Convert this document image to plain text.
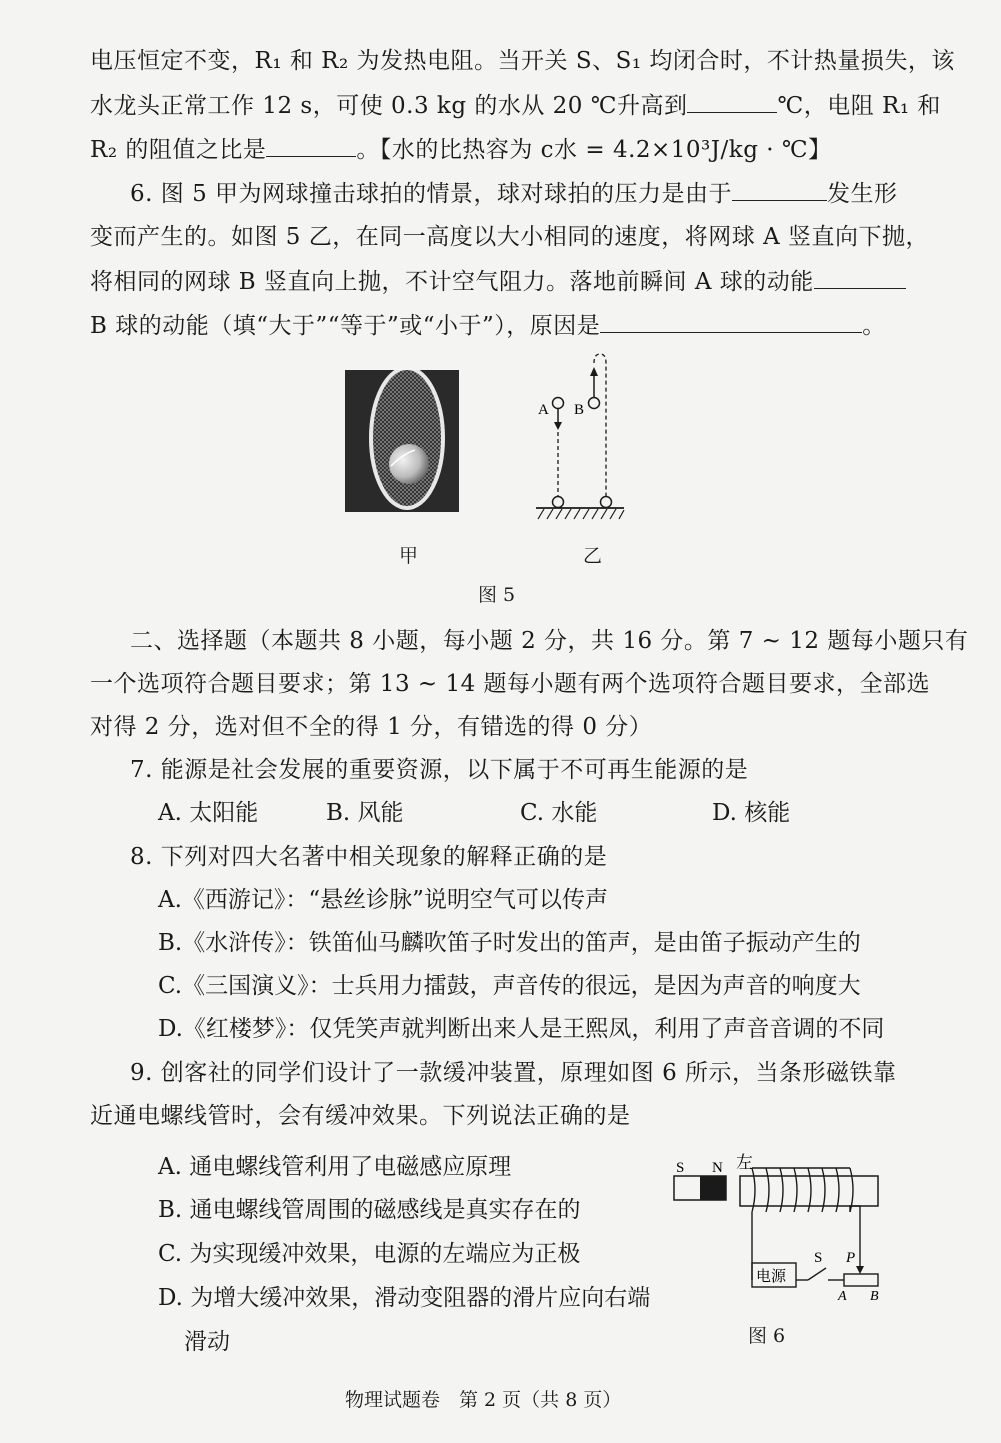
电压恒定不变，R₁ 和 R₂ 为发热电阻。当开关 S、S₁ 均闭合时，不计热量损失，该
水龙头正常工作 12 s，可使 0.3 kg 的水从 20 ℃升高到	℃，电阻 R₁ 和
R₂ 的阻值之比是	。【水的比热容为 c水 = 4.2×10³J/kg · ℃】
6. 图 5 甲为网球撞击球拍的情景，球对球拍的压力是由于	发生形
变而产生的。如图 5 乙，在同一高度以大小相同的速度，将网球 A 竖直向下抛，
将相同的网球 B 竖直向上抛，不计空气阻力。落地前瞬间 A 球的动能
B 球的动能（填“大于”“等于”或“小于”），原因是	。
A B
甲	乙
图 5
二、选择题（本题共 8 小题，每小题 2 分，共 16 分。第 7 ~ 12 题每小题只有
一个选项符合题目要求；第 13 ~ 14 题每小题有两个选项符合题目要求，全部选
对得 2 分，选对但不全的得 1 分，有错选的得 0 分）
7. 能源是社会发展的重要资源，以下属于不可再生能源的是
A. 太阳能	B. 风能	C. 水能	D. 核能
8. 下列对四大名著中相关现象的解释正确的是
A.《西游记》：“悬丝诊脉”说明空气可以传声
B.《水浒传》：铁笛仙马麟吹笛子时发出的笛声，是由笛子振动产生的
C.《三国演义》：士兵用力擂鼓，声音传的很远，是因为声音的响度大
D.《红楼梦》：仅凭笑声就判断出来人是王熙凤，利用了声音音调的不同
9. 创客社的同学们设计了一款缓冲装置，原理如图 6 所示，当条形磁铁靠
近通电螺线管时，会有缓冲效果。下列说法正确的是
A. 通电螺线管利用了电磁感应原理
B. 通电螺线管周围的磁感线是真实存在的
C. 为实现缓冲效果，电源的左端应为正极
D. 为增大缓冲效果，滑动变阻器的滑片应向右端
滑动
S N 左
电源
S P
A B
图 6
物理试题卷　第 2 页（共 8 页）
